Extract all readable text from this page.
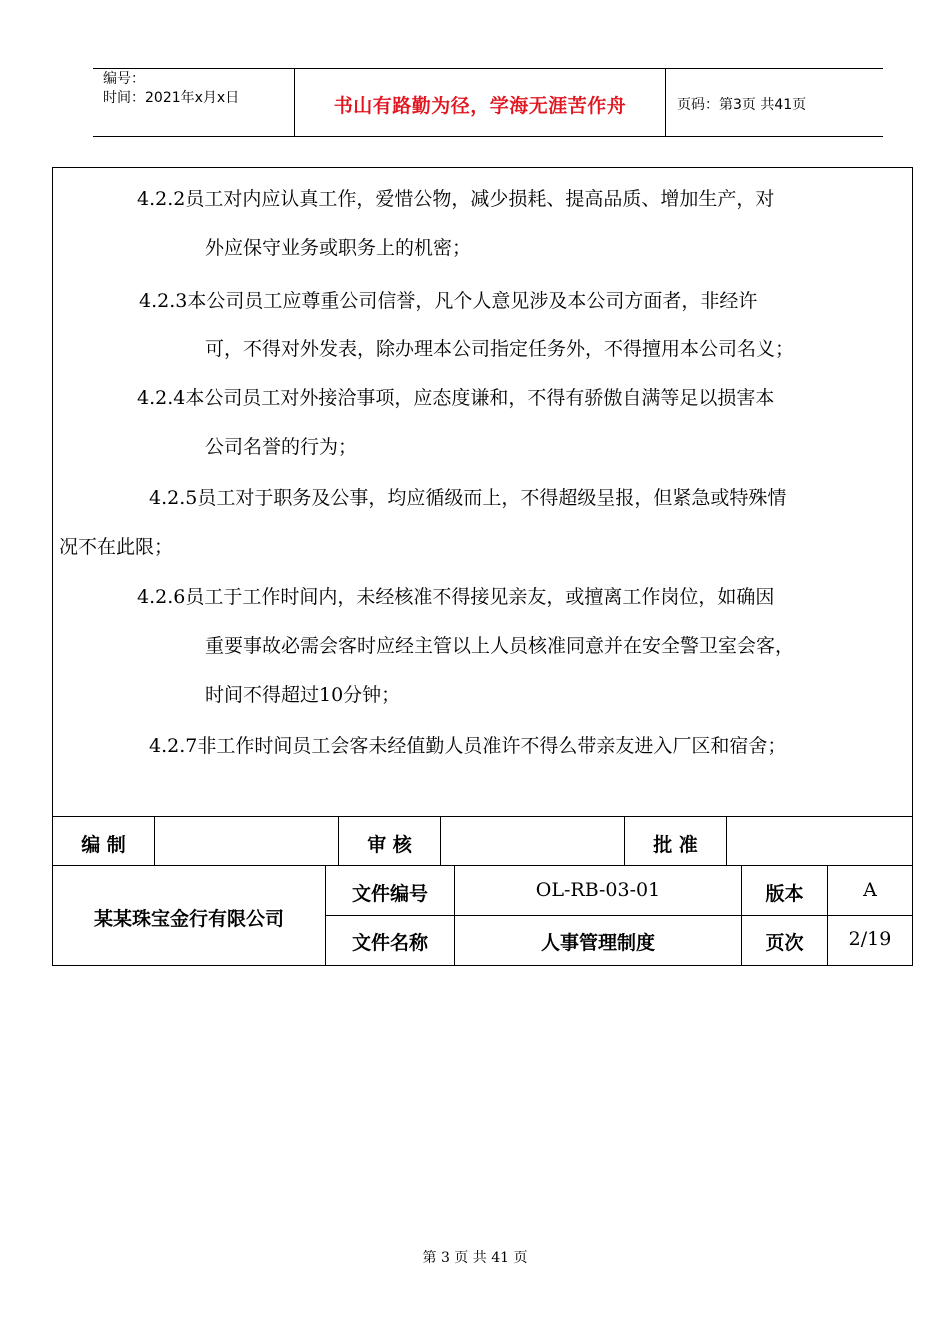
编号：
时间：2021年x月x日	书山有路勤为径，学海无涯苦作舟	页码：第3页 共41页
4.2.2员工对内应认真工作，爱惜公物，减少损耗、提高品质、增加生产，对
外应保守业务或职务上的机密；
4.2.3本公司员工应尊重公司信誉，凡个人意见涉及本公司方面者，非经许
可，不得对外发表，除办理本公司指定任务外，不得擅用本公司名义；
4.2.4本公司员工对外接洽事项，应态度谦和，不得有骄傲自满等足以损害本
公司名誉的行为；
4.2.5员工对于职务及公事，均应循级而上，不得超级呈报，但紧急或特殊情
况不在此限；
4.2.6员工于工作时间内，未经核准不得接见亲友，或擅离工作岗位，如确因
重要事故必需会客时应经主管以上人员核准同意并在安全警卫室会客，
时间不得超过10分钟；
4.2.7非工作时间员工会客未经值勤人员准许不得么带亲友进入厂区和宿舍；
编 制	审 核	批 准
文件编号	OL-RB-03-01	版本	A
文件名称	人事管理制度	页次	2/19
某某珠宝金行有限公司
第 3 页 共 41 页
